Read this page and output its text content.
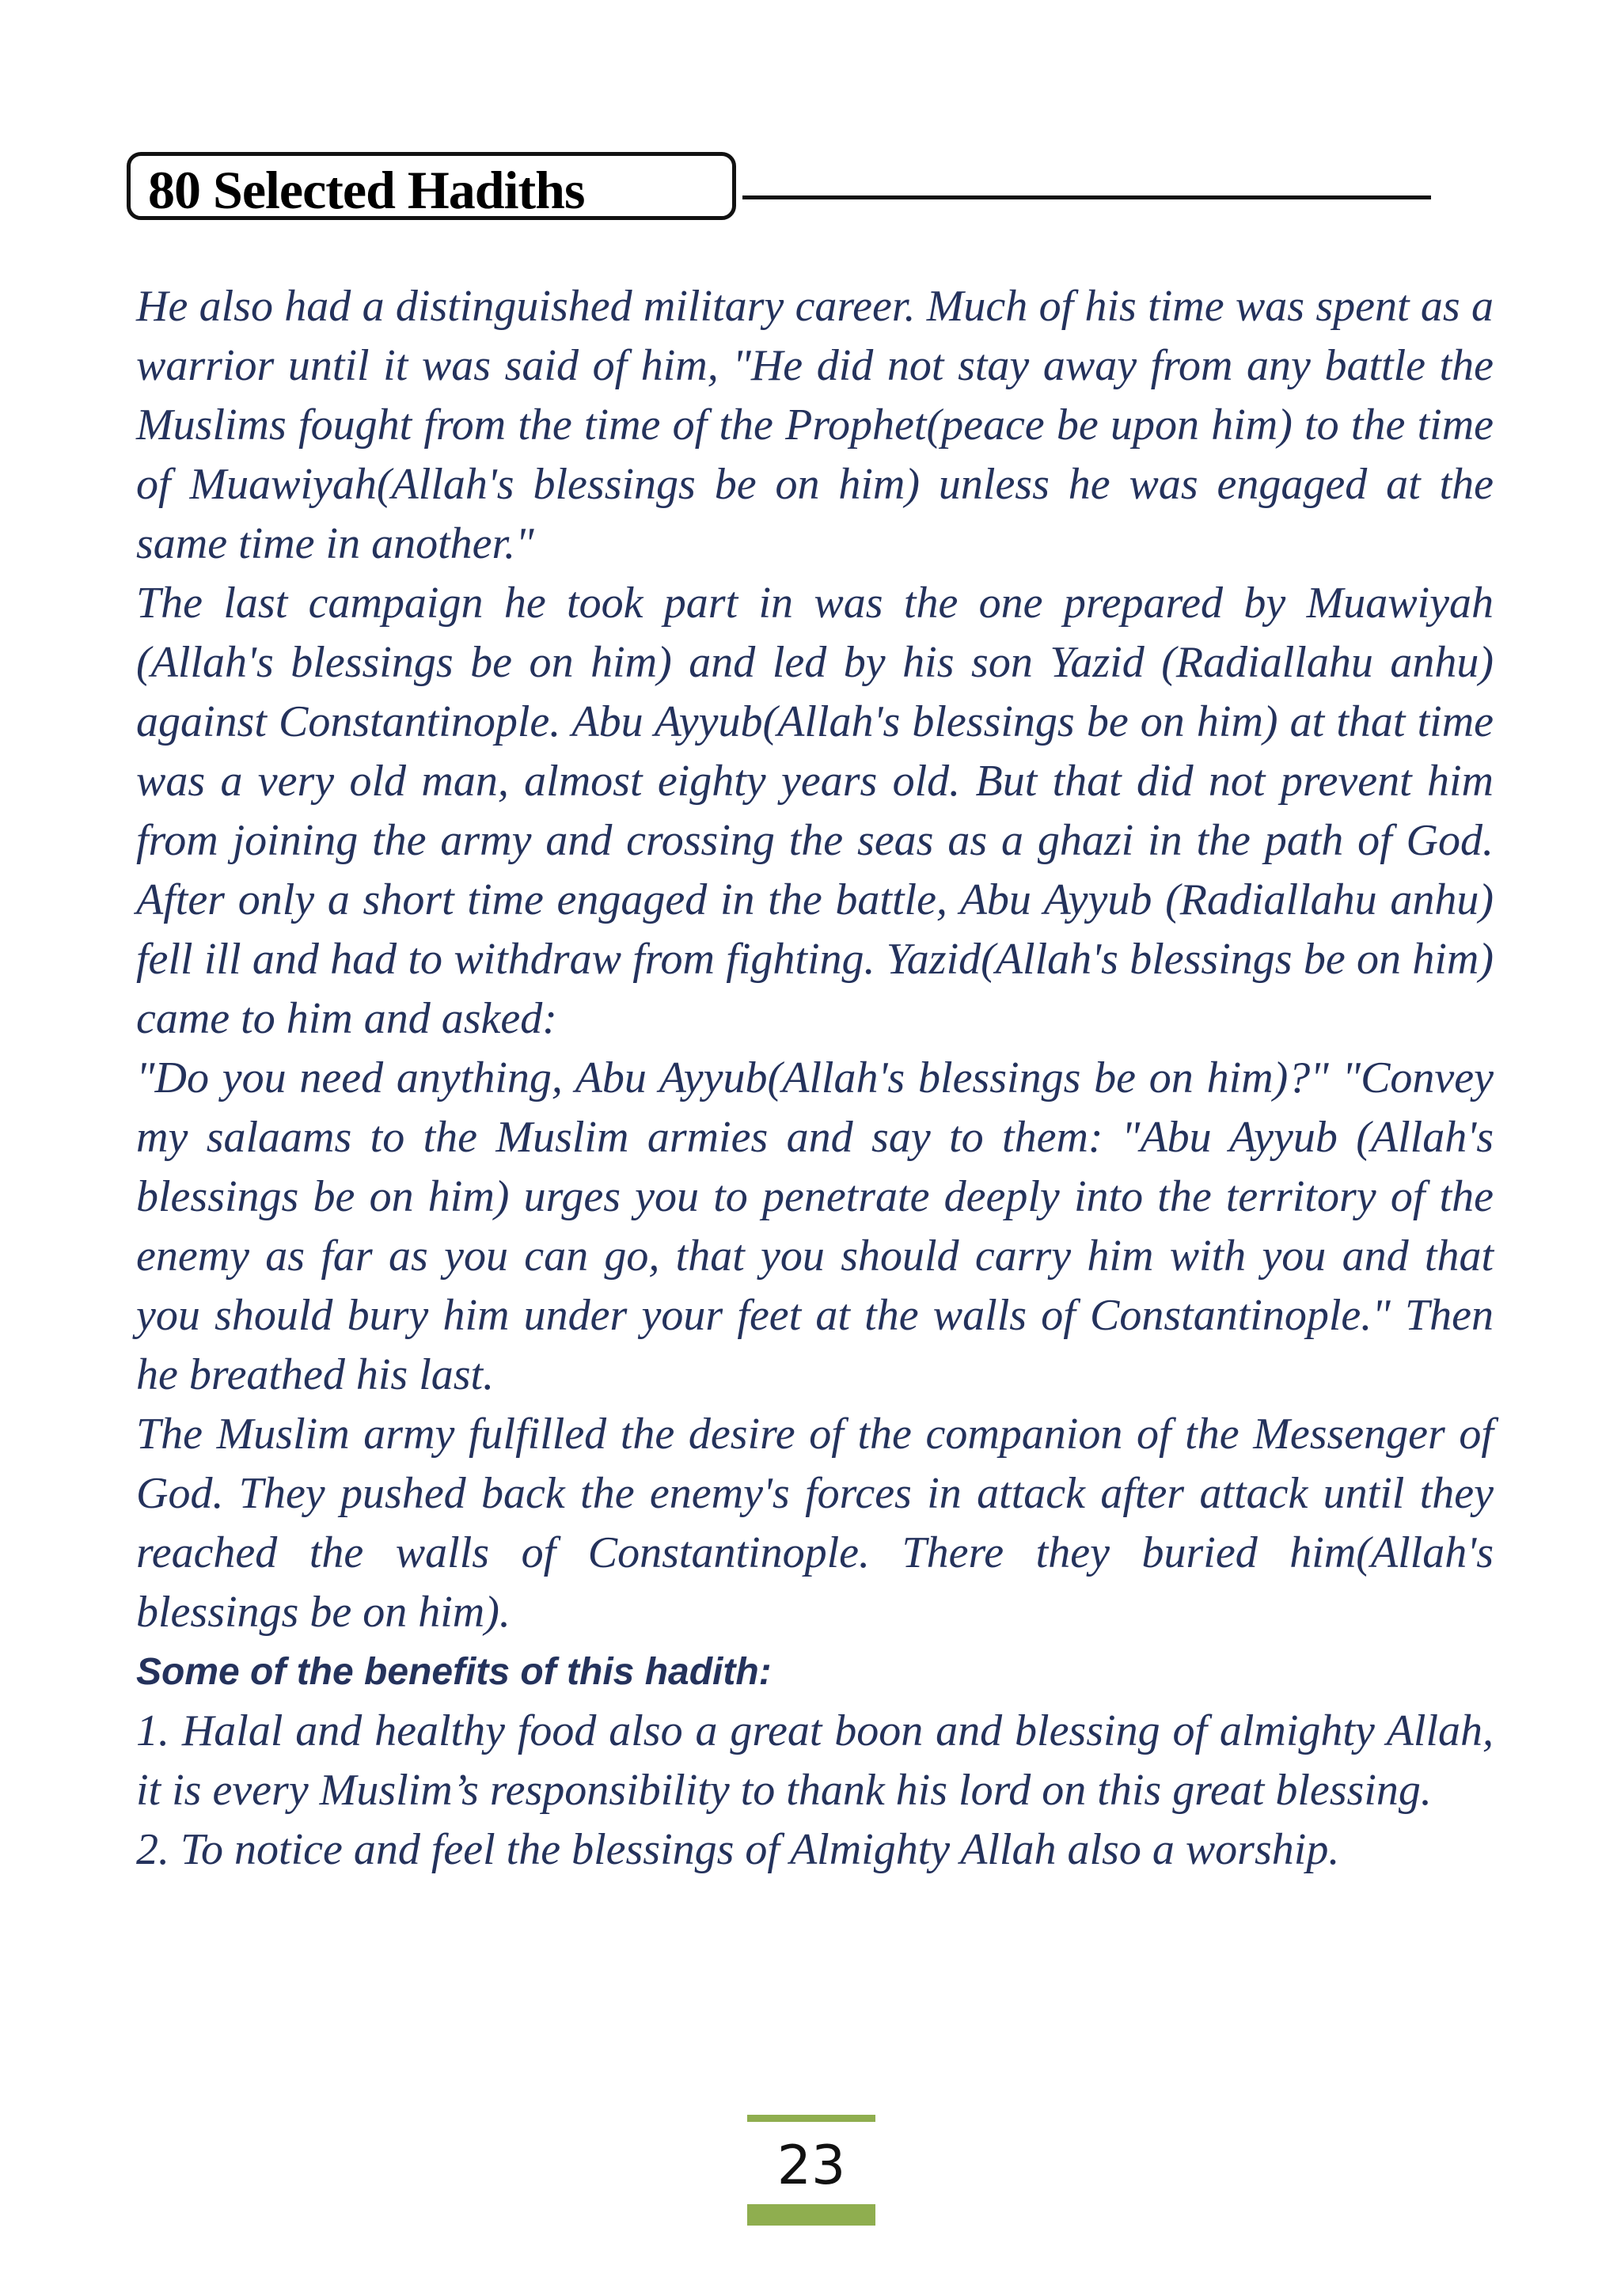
80 Selected Hadiths

He also had a distinguished military career. Much of his time was spent as a warrior until it was said of him, "He did not stay away from any battle the Muslims fought from the time of the Prophet(peace be upon him) to the time of Muawiyah(Allah's blessings be on him) unless he was engaged at the same time in another."

The last campaign he took part in was the one prepared by Muawiyah (Allah's blessings be on him) and led by his son Yazid (Radiallahu anhu) against Constantinople. Abu Ayyub(Allah's blessings be on him) at that time was a very old man, almost eighty years old. But that did not prevent him from joining the army and crossing the seas as a ghazi in the path of God. After only a short time engaged in the battle, Abu Ayyub (Radiallahu anhu) fell ill and had to withdraw from fighting. Yazid(Allah's blessings be on him) came to him and asked:

"Do you need anything, Abu Ayyub(Allah's blessings be on him)?" "Convey my salaams to the Muslim armies and say to them: "Abu Ayyub (Allah's blessings be on him) urges you to penetrate deeply into the territory of the enemy as far as you can go, that you should carry him with you and that you should bury him under your feet at the walls of Constantinople." Then he breathed his last.

The Muslim army fulfilled the desire of the companion of the Messenger of God. They pushed back the enemy's forces in attack after attack until they reached the walls of Constantinople. There they buried him(Allah's blessings be on him).

Some of the benefits of this hadith:

1. Halal and healthy food also a great boon and blessing of almighty Allah, it is every Muslim’s responsibility to thank his lord on this great blessing.

2. To notice and feel the blessings of Almighty Allah also a worship.

23
